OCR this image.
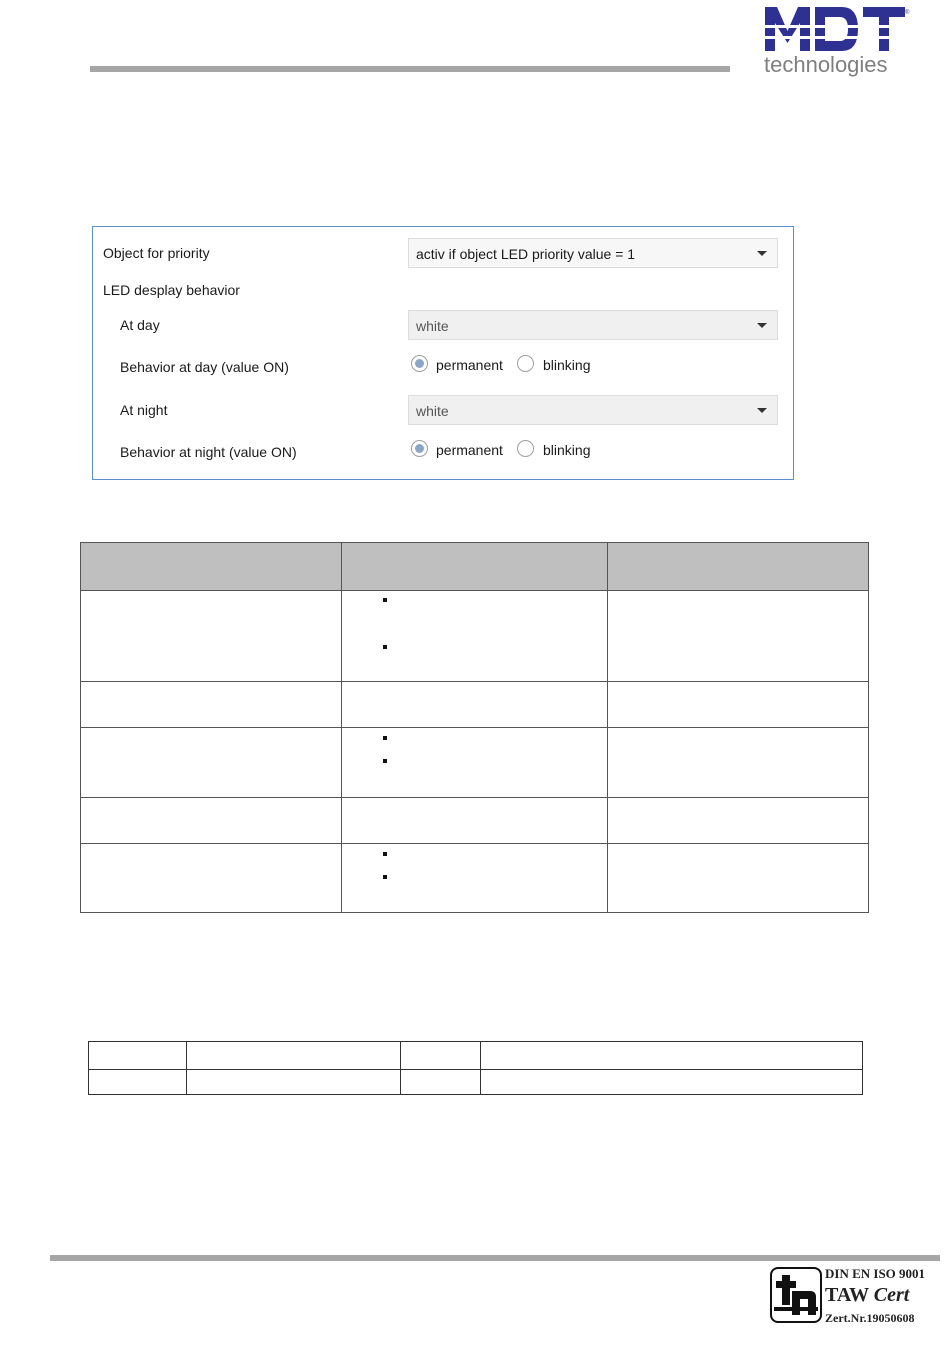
®
technologies
Object for priority	activ if object LED priority value = 1
LED desplay behavior
At day	white
Behavior at day (value ON)	permanent	blinking
At night	white
Behavior at night (value ON)	permanent	blinking
DIN EN ISO 9001
TAW Cert
Zert.Nr.19050608
